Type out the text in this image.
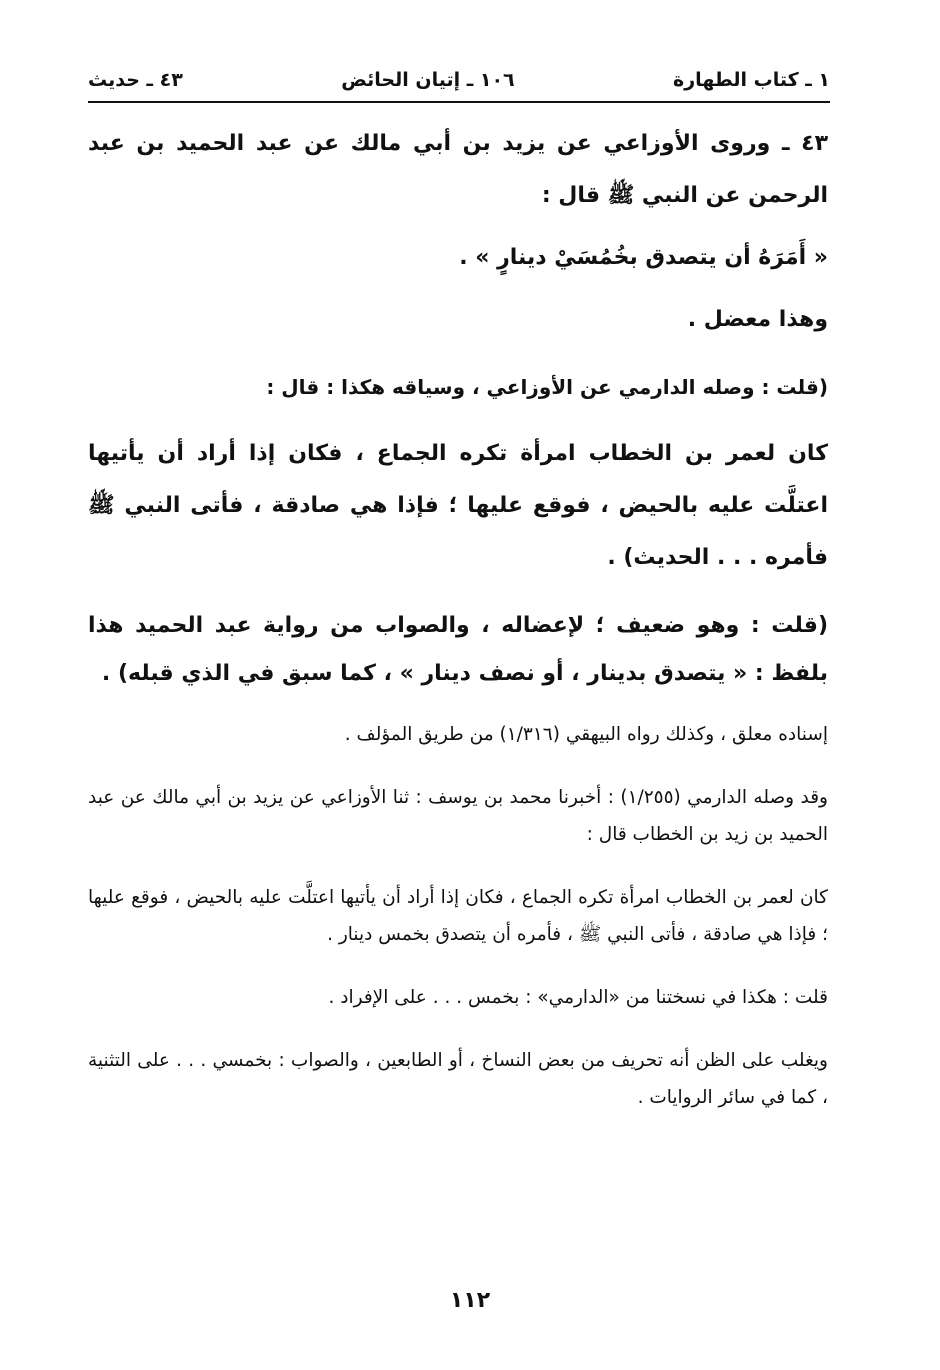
١ ـ كتاب الطهارة
١٠٦ ـ إتيان الحائض
٤٣ ـ حديث

٤٣ ـ وروى الأوزاعي عن يزيد بن أبي مالك عن عبد الحميد بن عبد الرحمن عن النبي ﷺ قال :

« أَمَرَهُ أن يتصدق بخُمُسَيْ دينارٍ » .

وهذا معضل .

(قلت : وصله الدارمي عن الأوزاعي ، وسياقه هكذا : قال :

كان لعمر بن الخطاب امرأة تكره الجماع ، فكان إذا أراد أن يأتيها اعتلَّت عليه بالحيض ، فوقع عليها ؛ فإذا هي صادقة ، فأتى النبي ﷺ فأمره . . . الحديث) .

(قلت : وهو ضعيف ؛ لإعضاله ، والصواب من رواية عبد الحميد هذا بلفظ : « يتصدق بدينار ، أو نصف دينار » ، كما سبق في الذي قبله) .

إسناده معلق ، وكذلك رواه البيهقي (١/٣١٦) من طريق المؤلف .

وقد وصله الدارمي (١/٢٥٥) : أخبرنا محمد بن يوسف : ثنا الأوزاعي عن يزيد بن أبي مالك عن عبد الحميد بن زيد بن الخطاب قال :

كان لعمر بن الخطاب امرأة تكره الجماع ، فكان إذا أراد أن يأتيها اعتلَّت عليه بالحيض ، فوقع عليها ؛ فإذا هي صادقة ، فأتى النبي ﷺ ، فأمره أن يتصدق بخمس دينار .

قلت : هكذا في نسختنا من «الدارمي» : بخمس . . . على الإفراد .

ويغلب على الظن أنه تحريف من بعض النساخ ، أو الطابعين ، والصواب : بخمسي . . . على التثنية ، كما في سائر الروايات .

١١٢
